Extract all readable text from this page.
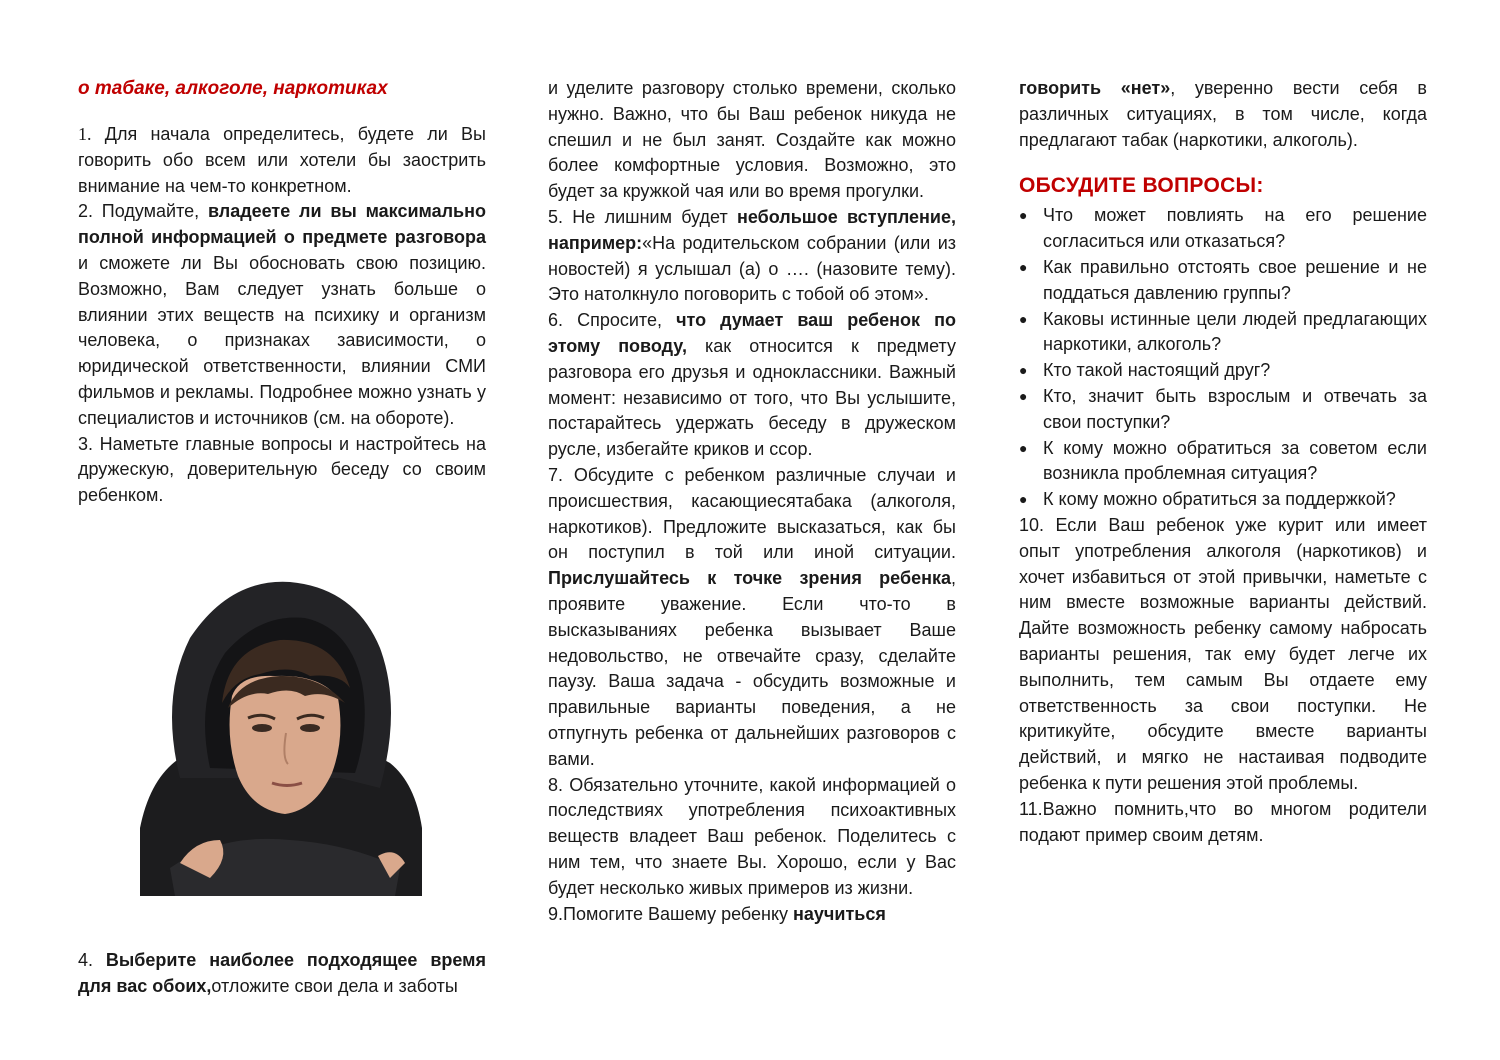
о табаке, алкоголе, наркотиках

1. Для начала определитесь, будете ли Вы говорить обо всем или хотели бы заострить внимание на чем-то конкретном.

2. Подумайте, владеете ли вы максимально полной информацией о предмете разговора и сможете ли Вы обосновать свою позицию. Возможно, Вам следует узнать больше о влиянии этих веществ на психику и организм человека, о признаках зависимости, о юридической ответственности, влиянии СМИ фильмов и рекламы. Подробнее можно узнать у специалистов и источников (см. на обороте).

3. Наметьте главные вопросы и настройтесь на дружескую, доверительную беседу со своим ребенком.

4. Выберите наиболее подходящее время для вас обоих,отложите свои дела и заботы

и уделите разговору столько времени, сколько нужно. Важно, что бы Ваш ребенок никуда не спешил и не был занят. Создайте как можно более комфортные условия. Возможно, это будет за кружкой чая или во время прогулки.

5. Не лишним будет небольшое вступление, например:«На родительском собрании (или из новостей) я услышал (а) о …. (назовите тему). Это натолкнуло поговорить с тобой об этом».

6. Спросите, что думает ваш ребенок по этому поводу, как относится к предмету разговора его друзья и одноклассники. Важный момент: независимо от того, что Вы услышите, постарайтесь удержать беседу в дружеском русле, избегайте криков и ссор.

7. Обсудите с ребенком различные случаи и происшествия, касающиесятабака (алкоголя, наркотиков). Предложите высказаться, как бы он поступил в той или иной ситуации. Прислушайтесь к точке зрения ребенка, проявите уважение. Если что-то в высказываниях ребенка вызывает Ваше недовольство, не отвечайте сразу, сделайте паузу. Ваша задача - обсудить возможные и правильные варианты поведения, а не отпугнуть ребенка от дальнейших разговоров с вами.

8. Обязательно уточните, какой информацией о последствиях употребления психоактивных веществ владеет Ваш ребенок. Поделитесь с ним тем, что знаете Вы. Хорошо, если у Вас будет несколько живых примеров из жизни.

9.Помогите Вашему ребенку научиться

говорить «нет», уверенно вести себя в различных ситуациях, в том числе, когда предлагают табак (наркотики, алкоголь).

ОБСУДИТЕ ВОПРОСЫ:
● Что может повлиять на его решение согласиться или отказаться?
● Как правильно отстоять свое решение и не поддаться давлению группы?
● Каковы истинные цели людей предлагающих наркотики, алкоголь?
● Кто такой настоящий друг?
● Кто, значит быть взрослым и отвечать за свои поступки?
● К кому можно обратиться за советом если возникла проблемная ситуация?
● К кому можно обратиться за поддержкой?

10. Если Ваш ребенок уже курит или имеет опыт употребления алкоголя (наркотиков) и хочет избавиться от этой привычки, наметьте с ним вместе возможные варианты действий. Дайте возможность ребенку самому набросать варианты решения, так ему будет легче их выполнить, тем самым Вы отдаете ему ответственность за свои поступки. Не критикуйте, обсудите вместе варианты действий, и мягко не настаивая подводите ребенка к пути решения этой проблемы.

11.Важно помнить,что во многом родители подают пример своим детям.
